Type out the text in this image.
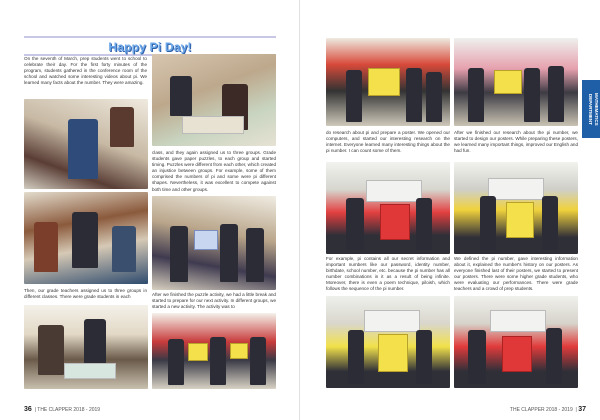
Happy Pi Day!

On the seventh of March, prep students went to school to celebrate their day. For the first forty minutes of the program, students gathered in the conference room of the school and watched some interesting videos about pi. We learned many facts about the number. They were amazing.

class, and they again assigned us to three groups. Grade students gave paper puzzles, to each group and started timing. Puzzles were different from each other, which created an injustice between groups. For example, some of them comprised the numbers of pi and some were pi different shapes. Nevertheless, it was excellent to compete against both time and other groups.

Then, our grade teachers assigned us to three groups in different classes. There were grade students in each	After we finished the puzzle activity, we had a little break and started to prepare for our next activity. In different groups, we started a new activity. The activity was to

36  | THE CLAPPER 2018 - 2019

do research about pi and prepare a poster. We opened our computers, and started our interesting research on the internet. Everyone learned many interesting things about the pi number. I can count some of them.

After we finished our research about the pi number, we started to design our posters. While preparing these posters, we learned many important things, improved our English and had fun.

For example, pi contains all our secret information and important numbers like our password, identity number, birthdate, school number, etc. because the pi number has all number combinations in it as a result of being infinite. Moreover, there is even a poem technique, piloish, which follows the sequence of the pi number.

We defined the pi number, gave interesting information about it, explained the number's history on our posters. As everyone finished last of their posters, we started to present our posters. There were some higher grade students, who were evaluating our performances. There were grade teachers and a crowd of prep students.

THE CLAPPER 2018 - 2019  | 37
MATHEMATICS DEPARTMENT
